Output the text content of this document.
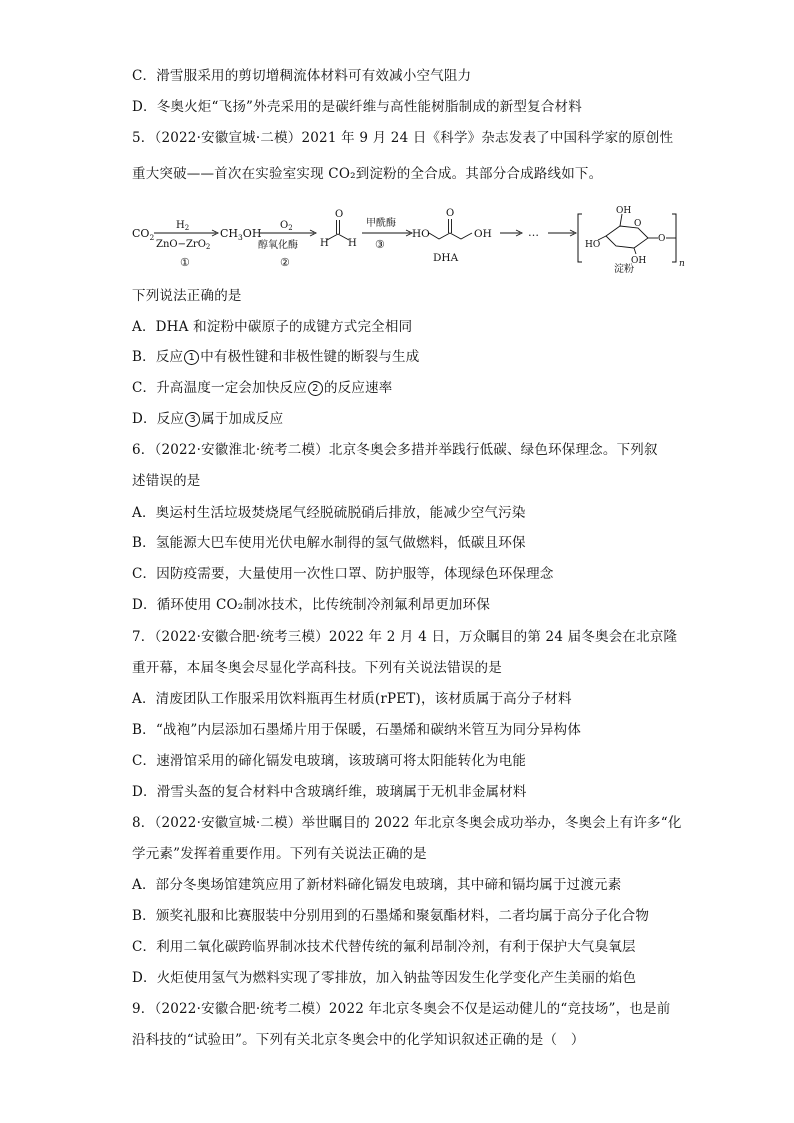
C．滑雪服采用的剪切增稠流体材料可有效减小空气阻力
D．冬奥火炬“飞扬”外壳采用的是碳纤维与高性能树脂制成的新型复合材料
5．（2022·安徽宣城·二模）2021 年 9 月 24 日《科学》杂志发表了中国科学家的原创性
重大突破——首次在实验室实现 CO₂到淀粉的全合成。其部分合成路线如下。
$CO_2$
$H_2$
ZnO−ZrO$_2$
①
$CH_3OH$
$O_2$
醇氧化酶
②
H H
O
甲酰酶
③
HO
O
OH
DHA
…
n
OH
O
HO
OH
O
淀粉
下列说法正确的是
A．DHA 和淀粉中碳原子的成键方式完全相同
B．反应 1 中有极性键和非极性键的断裂与生成
C．升高温度一定会加快反应 2 的反应速率
D．反应 3 属于加成反应
6．（2022·安徽淮北·统考二模）北京冬奥会多措并举践行低碳、绿色环保理念。下列叙
述错误的是
A．奥运村生活垃圾焚烧尾气经脱硫脱硝后排放，能减少空气污染
B．氢能源大巴车使用光伏电解水制得的氢气做燃料，低碳且环保
C．因防疫需要，大量使用一次性口罩、防护服等，体现绿色环保理念
D．循环使用 CO₂制冰技术，比传统制冷剂氟利昂更加环保
7．（2022·安徽合肥·统考三模）2022 年 2 月 4 日，万众瞩目的第 24 届冬奥会在北京隆
重开幕，本届冬奥会尽显化学高科技。下列有关说法错误的是
A．清废团队工作服采用饮料瓶再生材质(rPET)，该材质属于高分子材料
B．“战袍”内层添加石墨烯片用于保暖，石墨烯和碳纳米管互为同分异构体
C．速滑馆采用的碲化镉发电玻璃，该玻璃可将太阳能转化为电能
D．滑雪头盔的复合材料中含玻璃纤维，玻璃属于无机非金属材料
8．（2022·安徽宣城·二模）举世瞩目的 2022 年北京冬奥会成功举办，冬奥会上有许多“化
学元素”发挥着重要作用。下列有关说法正确的是
A．部分冬奥场馆建筑应用了新材料碲化镉发电玻璃，其中碲和镉均属于过渡元素
B．颁奖礼服和比赛服装中分别用到的石墨烯和聚氨酯材料，二者均属于高分子化合物
C．利用二氧化碳跨临界制冰技术代替传统的氟利昂制冷剂，有利于保护大气臭氧层
D．火炬使用氢气为燃料实现了零排放，加入钠盐等因发生化学变化产生美丽的焰色
9．（2022·安徽合肥·统考二模）2022 年北京冬奥会不仅是运动健儿的“竞技场”，也是前
沿科技的“试验田”。下列有关北京冬奥会中的化学知识叙述正确的是（　）
